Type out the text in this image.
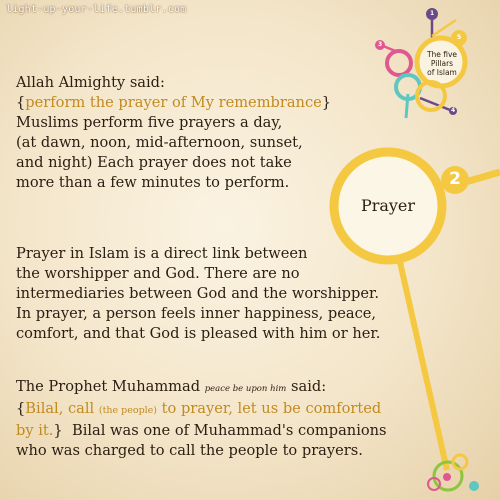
light-up-your-life.tumblr.com
The five
Pillars
of Islam
1
3
4
5
Prayer
2
Allah Almighty said:
{perform the prayer of My remembrance}
Muslims perform five prayers a day,
(at dawn, noon, mid-afternoon, sunset,
and night) Each prayer does not take
more than a few minutes to perform.
Prayer in Islam is a direct link between
the worshipper and God. There are no
intermediaries between God and the worshipper.
In prayer, a person feels inner happiness, peace,
comfort, and that God is pleased with him or her.
The Prophet Muhammad peace be upon him said:
{Bilal, call (the people) to prayer, let us be comforted
by it.} Bilal was one of Muhammad's companions
who was charged to call the people to prayers.
